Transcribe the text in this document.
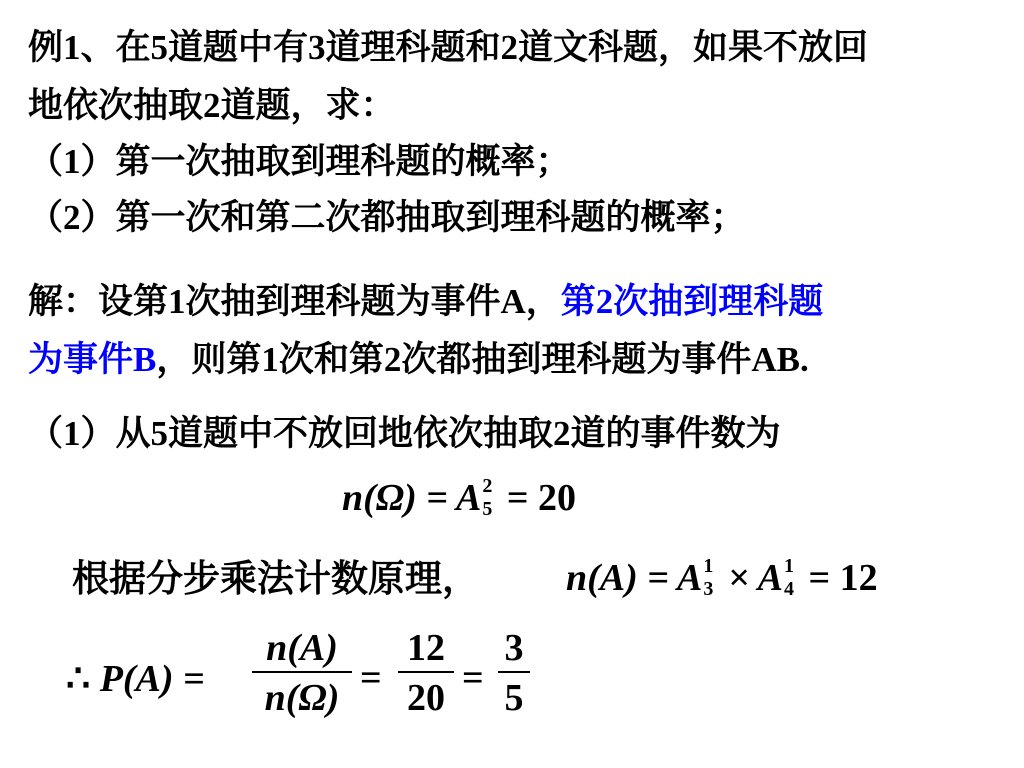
例1、在5道题中有3道理科题和2道文科题，如果不放回
地依次抽取2道题，求：
（1）第一次抽取到理科题的概率；
（2）第一次和第二次都抽取到理科题的概率；
解：设第1次抽到理科题为事件A，第2次抽到理科题
为事件B，则第1次和第2次都抽到理科题为事件AB.
（1）从5道题中不放回地依次抽取2道的事件数为
n(Ω) = A 2
5 = 20
根据分步乘法计数原理， n(A) = A 1
3 × A 1
4 = 12
∴ P(A) =
n(A)
n(Ω) =
12
20 =
3
5
